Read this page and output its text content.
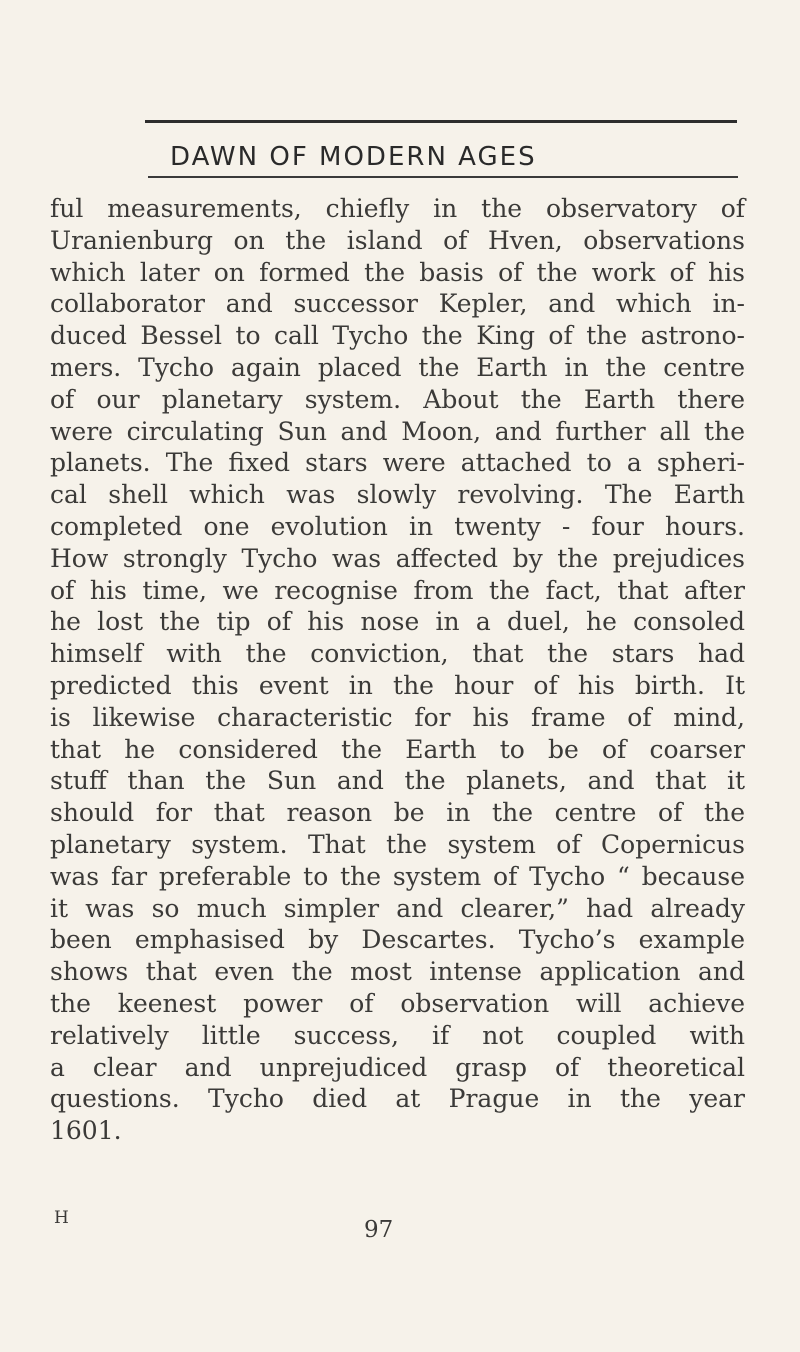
DAWN OF MODERN AGES
ful measurements, chiefly in the observatory of
Uranienburg on the island of Hven, observations
which later on formed the basis of the work of his
collaborator and successor Kepler, and which in-
duced Bessel to call Tycho the King of the astrono-
mers. Tycho again placed the Earth in the centre
of our planetary system. About the Earth there
were circulating Sun and Moon, and further all the
planets. The fixed stars were attached to a spheri-
cal shell which was slowly revolving. The Earth
completed one evolution in twenty - four hours.
How strongly Tycho was affected by the prejudices
of his time, we recognise from the fact, that after
he lost the tip of his nose in a duel, he consoled
himself with the conviction, that the stars had
predicted this event in the hour of his birth. It
is likewise characteristic for his frame of mind,
that he considered the Earth to be of coarser
stuff than the Sun and the planets, and that it
should for that reason be in the centre of the
planetary system. That the system of Copernicus
was far preferable to the system of Tycho “ because
it was so much simpler and clearer,” had already
been emphasised by Descartes. Tycho’s example
shows that even the most intense application and
the keenest power of observation will achieve
relatively little success, if not coupled with
a clear and unprejudiced grasp of theoretical
questions. Tycho died at Prague in the year
1601.
H	97
